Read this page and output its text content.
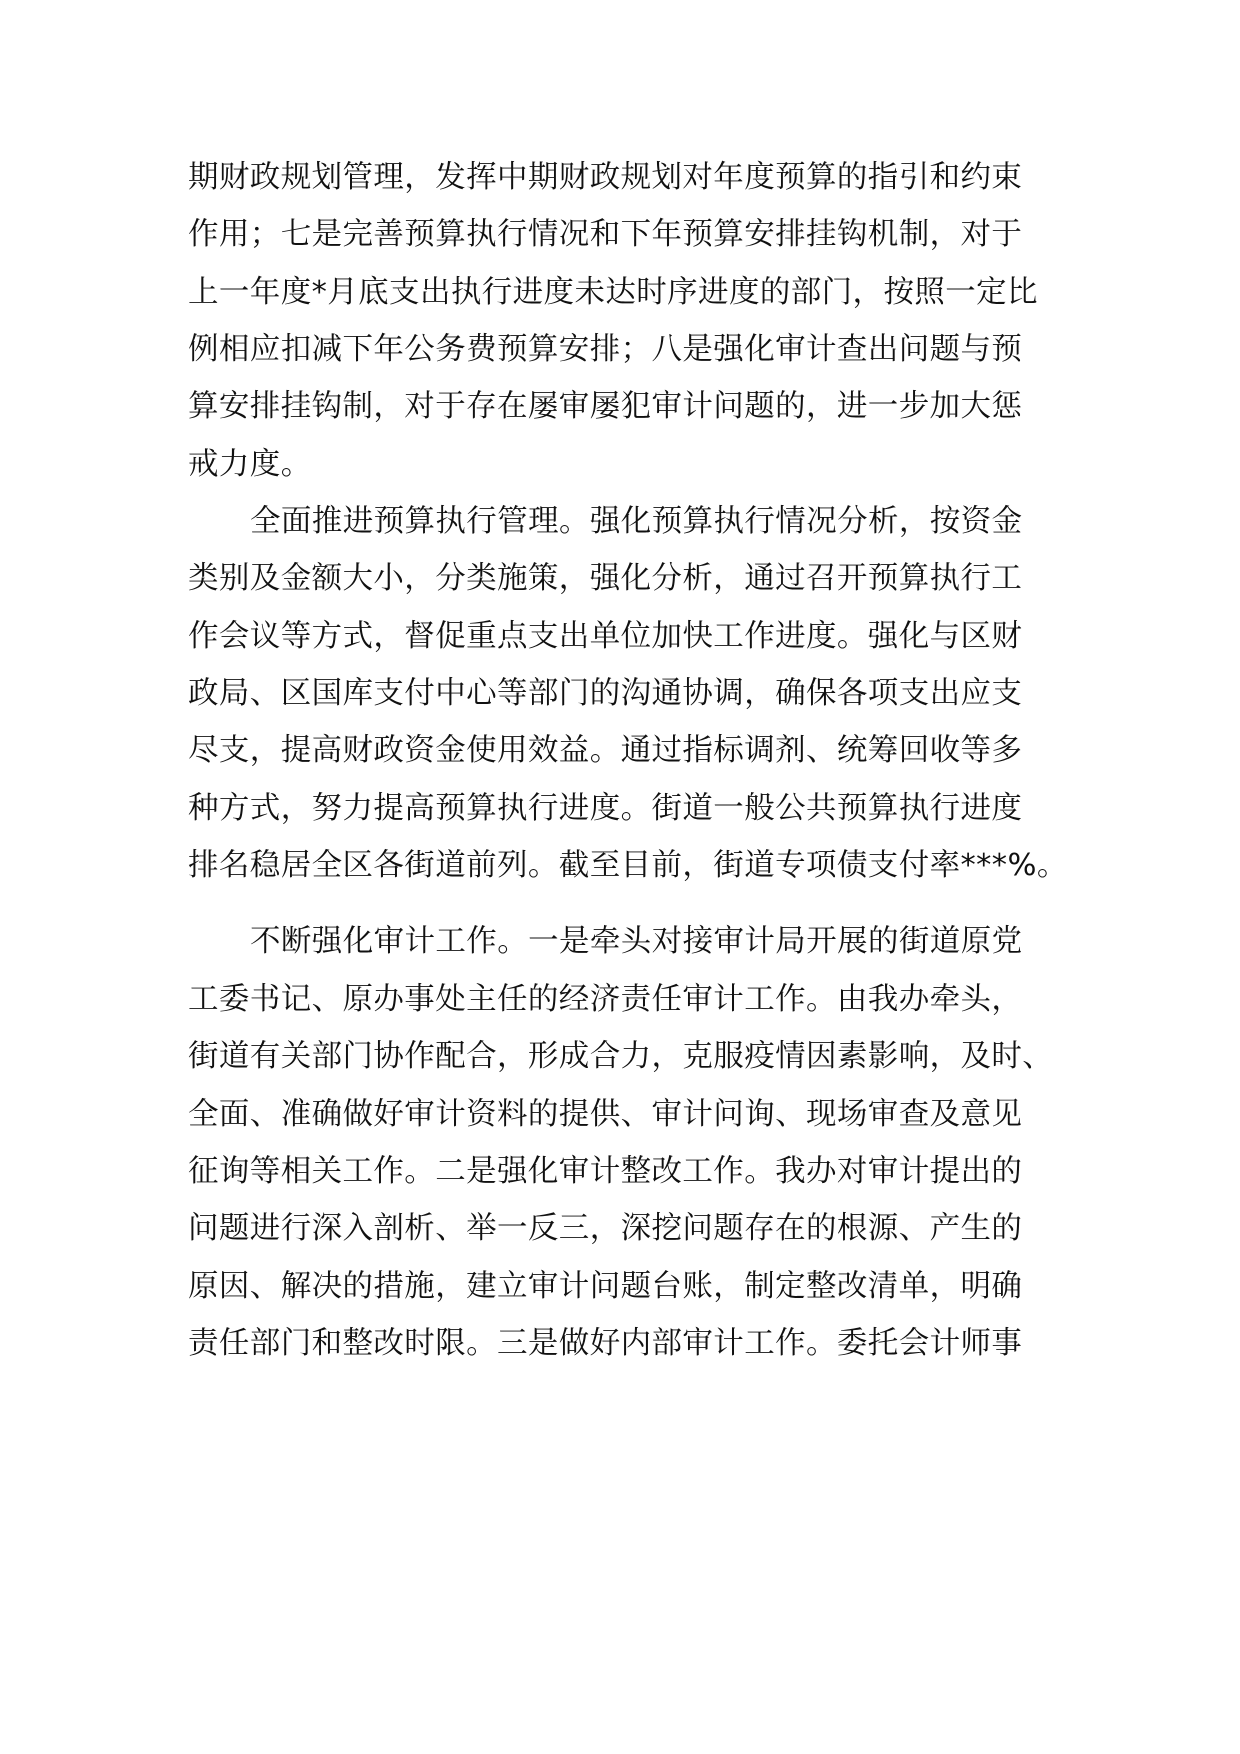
期财政规划管理，发挥中期财政规划对年度预算的指引和约束
作用；七是完善预算执行情况和下年预算安排挂钩机制，对于
上一年度*月底支出执行进度未达时序进度的部门，按照一定比
例相应扣减下年公务费预算安排；八是强化审计查出问题与预
算安排挂钩制，对于存在屡审屡犯审计问题的，进一步加大惩
戒力度。
全面推进预算执行管理。强化预算执行情况分析，按资金
类别及金额大小，分类施策，强化分析，通过召开预算执行工
作会议等方式，督促重点支出单位加快工作进度。强化与区财
政局、区国库支付中心等部门的沟通协调，确保各项支出应支
尽支，提高财政资金使用效益。通过指标调剂、统筹回收等多
种方式，努力提高预算执行进度。街道一般公共预算执行进度
排名稳居全区各街道前列。截至目前，街道专项债支付率***%。
不断强化审计工作。一是牵头对接审计局开展的街道原党
工委书记、原办事处主任的经济责任审计工作。由我办牵头，
街道有关部门协作配合，形成合力，克服疫情因素影响，及时、
全面、准确做好审计资料的提供、审计问询、现场审查及意见
征询等相关工作。二是强化审计整改工作。我办对审计提出的
问题进行深入剖析、举一反三，深挖问题存在的根源、产生的
原因、解决的措施，建立审计问题台账，制定整改清单，明确
责任部门和整改时限。三是做好内部审计工作。委托会计师事
